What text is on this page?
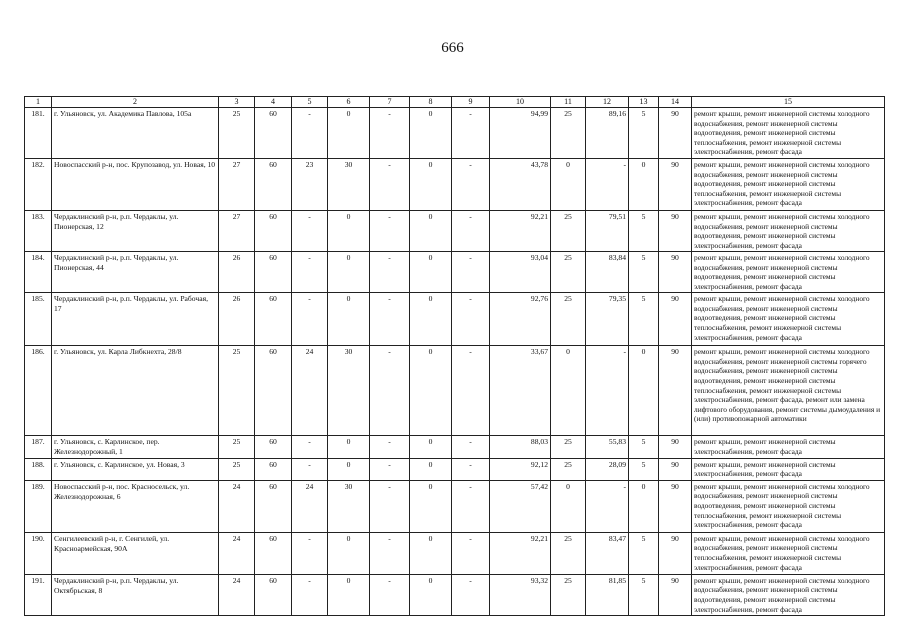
666
1	2	3	4	5	6	7	8	9	10	11	12	13	14	15
181.	г. Ульяновск, ул. Академика Павлова, 105а	25	60	-	0	-	0	-	94,99	25	89,16	5	90	ремонт крыши, ремонт инженерной системы холодного водоснабжения, ремонт инженерной системы водоотведения, ремонт инженерной системы теплоснабжения, ремонт инженерной системы электроснабжения, ремонт фасада
182.	Новоспасский р-н, пос. Крупозавод, ул. Новая, 10	27	60	23	30	-	0	-	43,78	0	-	0	90	ремонт крыши, ремонт инженерной системы холодного водоснабжения, ремонт инженерной системы водоотведения, ремонт инженерной системы теплоснабжения, ремонт инженерной системы электроснабжения, ремонт фасада
183.	Чердаклинский р-н, р.п. Чердаклы, ул. Пионерская, 12	27	60	-	0	-	0	-	92,21	25	79,51	5	90	ремонт крыши, ремонт инженерной системы холодного водоснабжения, ремонт инженерной системы водоотведения, ремонт инженерной системы электроснабжения, ремонт фасада
184.	Чердаклинский р-н, р.п. Чердаклы, ул. Пионерская, 44	26	60	-	0	-	0	-	93,04	25	83,84	5	90	ремонт крыши, ремонт инженерной системы холодного водоснабжения, ремонт инженерной системы водоотведения, ремонт инженерной системы электроснабжения, ремонт фасада
185.	Чердаклинский р-н, р.п. Чердаклы, ул. Рабочая, 17	26	60	-	0	-	0	-	92,76	25	79,35	5	90	ремонт крыши, ремонт инженерной системы холодного водоснабжения, ремонт инженерной системы водоотведения, ремонт инженерной системы теплоснабжения, ремонт инженерной системы электроснабжения, ремонт фасада
186.	г. Ульяновск, ул. Карла Либкнехта, 28/8	25	60	24	30	-	0	-	33,67	0	-	0	90	ремонт крыши, ремонт инженерной системы холодного водоснабжения, ремонт инженерной системы горячего водоснабжения, ремонт инженерной системы водоотведения, ремонт инженерной системы теплоснабжения, ремонт инженерной системы электроснабжения, ремонт фасада, ремонт или замена лифтового оборудования, ремонт системы дымоудаления и (или) противопожарной автоматики
187.	г. Ульяновск, с. Карлинское, пер. Железнодорожный, 1	25	60	-	0	-	0	-	88,03	25	55,83	5	90	ремонт крыши, ремонт инженерной системы электроснабжения, ремонт фасада
188.	г. Ульяновск, с. Карлинское, ул. Новая, 3	25	60	-	0	-	0	-	92,12	25	28,09	5	90	ремонт крыши, ремонт инженерной системы электроснабжения, ремонт фасада
189.	Новоспасский р-н, пос. Красносельск, ул. Железнодорожная, 6	24	60	24	30	-	0	-	57,42	0	-	0	90	ремонт крыши, ремонт инженерной системы холодного водоснабжения, ремонт инженерной системы водоотведения, ремонт инженерной системы теплоснабжения, ремонт инженерной системы электроснабжения, ремонт фасада
190.	Сенгилеевский р-н, г. Сенгилей, ул. Красноармейская, 90А	24	60	-	0	-	0	-	92,21	25	83,47	5	90	ремонт крыши, ремонт инженерной системы холодного водоснабжения, ремонт инженерной системы теплоснабжения, ремонт инженерной системы электроснабжения, ремонт фасада
191.	Чердаклинский р-н, р.п. Чердаклы, ул. Октябрьская, 8	24	60	-	0	-	0	-	93,32	25	81,85	5	90	ремонт крыши, ремонт инженерной системы холодного водоснабжения, ремонт инженерной системы водоотведения, ремонт инженерной системы электроснабжения, ремонт фасада
